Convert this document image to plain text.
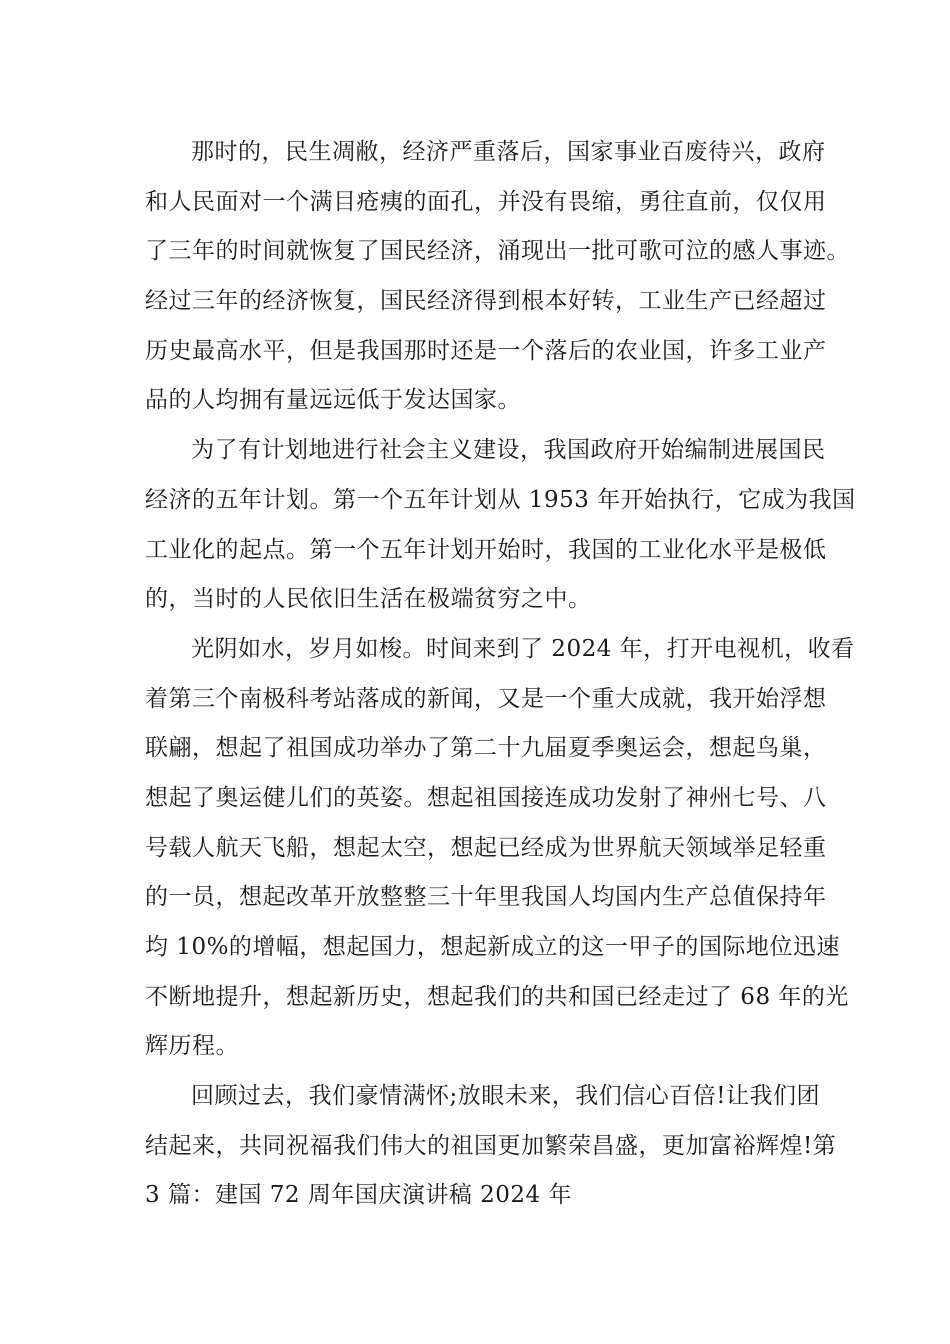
那时的，民生凋敝，经济严重落后，国家事业百废待兴，政府
和人民面对一个满目疮痍的面孔，并没有畏缩，勇往直前，仅仅用
了三年的时间就恢复了国民经济，涌现出一批可歌可泣的感人事迹。
经过三年的经济恢复，国民经济得到根本好转，工业生产已经超过
历史最高水平，但是我国那时还是一个落后的农业国，许多工业产
品的人均拥有量远远低于发达国家。
为了有计划地进行社会主义建设，我国政府开始编制进展国民
经济的五年计划。第一个五年计划从 1953 年开始执行，它成为我国
工业化的起点。第一个五年计划开始时，我国的工业化水平是极低
的，当时的人民依旧生活在极端贫穷之中。
光阴如水，岁月如梭。时间来到了 2024 年，打开电视机，收看
着第三个南极科考站落成的新闻，又是一个重大成就，我开始浮想
联翩，想起了祖国成功举办了第二十九届夏季奥运会，想起鸟巢，
想起了奥运健儿们的英姿。想起祖国接连成功发射了神州七号、八
号载人航天飞船，想起太空，想起已经成为世界航天领域举足轻重
的一员，想起改革开放整整三十年里我国人均国内生产总值保持年
均 10%的增幅，想起国力，想起新成立的这一甲子的国际地位迅速
不断地提升，想起新历史，想起我们的共和国已经走过了 68 年的光
辉历程。
回顾过去，我们豪情满怀;放眼未来，我们信心百倍!让我们团
结起来，共同祝福我们伟大的祖国更加繁荣昌盛，更加富裕辉煌!第
3 篇：建国 72 周年国庆演讲稿 2024 年
